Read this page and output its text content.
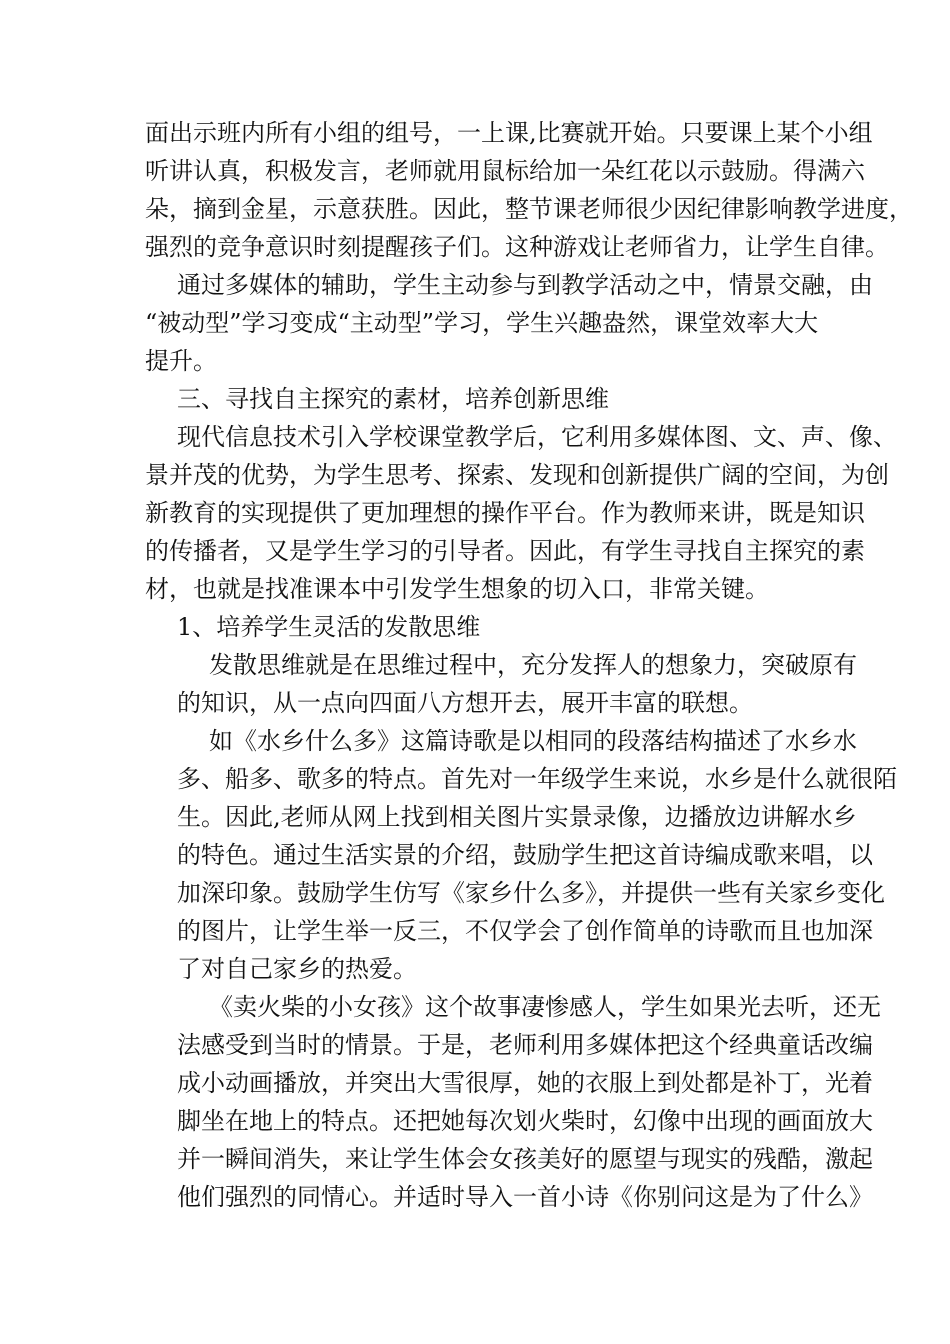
面出示班内所有小组的组号，一上课,比赛就开始。只要课上某个小组
听讲认真，积极发言，老师就用鼠标给加一朵红花以示鼓励。得满六
朵，摘到金星，示意获胜。因此，整节课老师很少因纪律影响教学进度，
强烈的竞争意识时刻提醒孩子们。这种游戏让老师省力，让学生自律。
通过多媒体的辅助，学生主动参与到教学活动之中，情景交融，由
“被动型”学习变成“主动型”学习，学生兴趣盎然，课堂效率大大
提升。
三、寻找自主探究的素材，培养创新思维
现代信息技术引入学校课堂教学后，它利用多媒体图、文、声、像、
景并茂的优势，为学生思考、探索、发现和创新提供广阔的空间，为创
新教育的实现提供了更加理想的操作平台。作为教师来讲，既是知识
的传播者，又是学生学习的引导者。因此，有学生寻找自主探究的素
材，也就是找准课本中引发学生想象的切入口，非常关键。
1、培养学生灵活的发散思维
发散思维就是在思维过程中，充分发挥人的想象力，突破原有
的知识，从一点向四面八方想开去，展开丰富的联想。
如《水乡什么多》这篇诗歌是以相同的段落结构描述了水乡水
多、船多、歌多的特点。首先对一年级学生来说，水乡是什么就很陌
生。因此,老师从网上找到相关图片实景录像，边播放边讲解水乡
的特色。通过生活实景的介绍，鼓励学生把这首诗编成歌来唱，以
加深印象。鼓励学生仿写《家乡什么多》，并提供一些有关家乡变化
的图片，让学生举一反三，不仅学会了创作简单的诗歌而且也加深
了对自己家乡的热爱。
《卖火柴的小女孩》这个故事凄惨感人，学生如果光去听，还无
法感受到当时的情景。于是，老师利用多媒体把这个经典童话改编
成小动画播放，并突出大雪很厚，她的衣服上到处都是补丁，光着
脚坐在地上的特点。还把她每次划火柴时，幻像中出现的画面放大
并一瞬间消失，来让学生体会女孩美好的愿望与现实的残酷，激起
他们强烈的同情心。并适时导入一首小诗《你别问这是为了什么》
